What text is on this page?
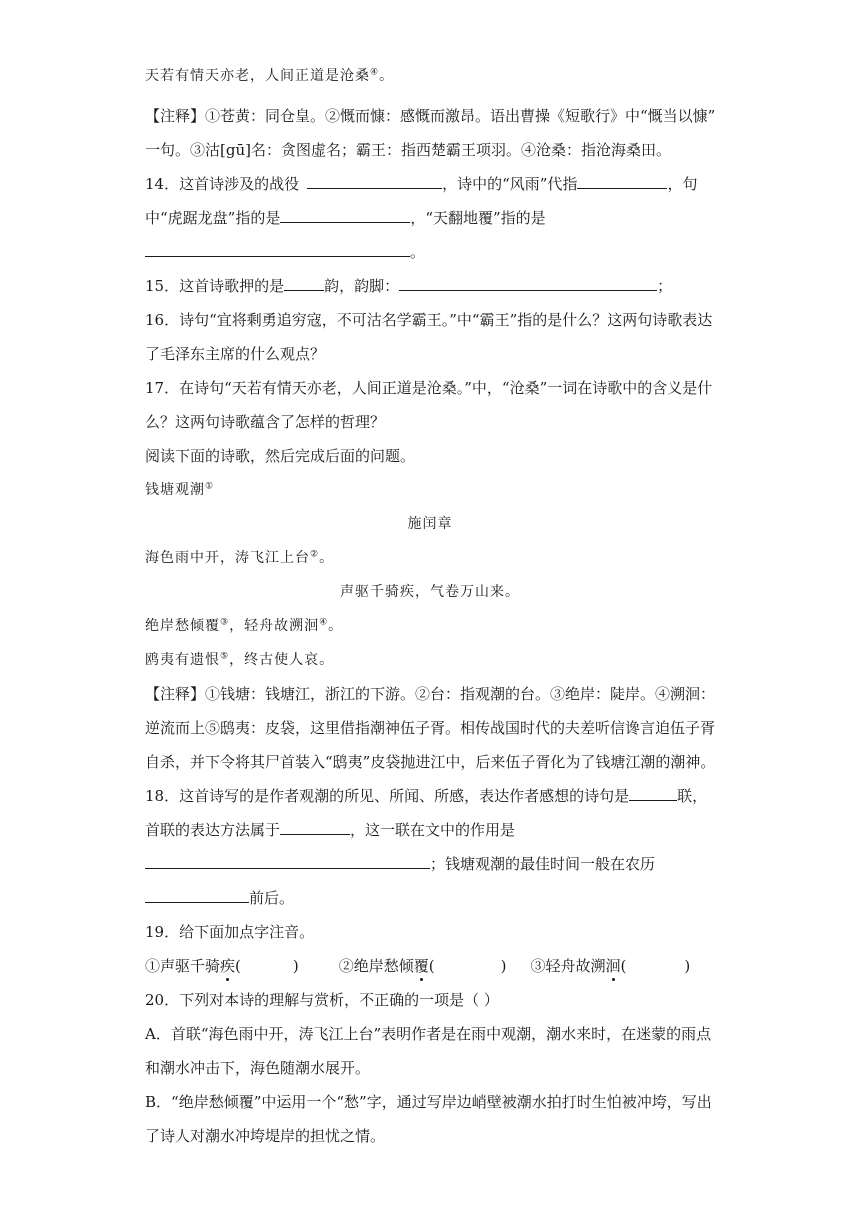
天若有情天亦老，人间正道是沧桑④。
【注释】①苍黄：同仓皇。②慨而慷：感慨而激昂。语出曹操《短歌行》中“慨当以慷”
一句。③沽[gū]名：贪图虚名；霸王：指西楚霸王项羽。④沧桑：指沧海桑田。
14．这首诗涉及的战役	，诗中的“风雨”代指	，句
中“虎踞龙盘”指的是	，“天翻地覆”指的是
。
15．这首诗歌押的是	韵，韵脚：	；
16．诗句“宜将剩勇追穷寇，不可沽名学霸王。”中“霸王”指的是什么？这两句诗歌表达
了毛泽东主席的什么观点？
17．在诗句“天若有情天亦老，人间正道是沧桑。”中，“沧桑”一词在诗歌中的含义是什
么？这两句诗歌蕴含了怎样的哲理？
阅读下面的诗歌，然后完成后面的问题。
钱塘观潮①
施闰章
海色雨中开，涛飞江上台②。
声驱千骑疾，气卷万山来。
绝岸愁倾覆③，轻舟故溯洄④。
鸥夷有遗恨⑤，终古使人哀。
【注释】①钱塘：钱塘江，浙江的下游。②台：指观潮的台。③绝岸：陡岸。④溯洄：
逆流而上⑤鸱夷：皮袋，这里借指潮神伍子胥。相传战国时代的夫差听信谗言迫伍子胥
自杀，并下令将其尸首装入“鸱夷”皮袋抛进江中，后来伍子胥化为了钱塘江潮的潮神。
18．这首诗写的是作者观潮的所见、所闻、所感，表达作者感想的诗句是	联，
首联的表达方法属于	，这一联在文中的作用是
；钱塘观潮的最佳时间一般在农历
前后。
19．给下面加点字注音。
①声驱千骑疾(	)	②绝岸愁倾覆(	) ③轻舟故溯洄(	)
20．下列对本诗的理解与赏析，不正确的一项是（ ）
A．首联“海色雨中开，涛飞江上台”表明作者是在雨中观潮，潮水来时，在迷蒙的雨点
和潮水冲击下，海色随潮水展开。
B．“绝岸愁倾覆”中运用一个“愁”字，通过写岸边峭壁被潮水拍打时生怕被冲垮，写出
了诗人对潮水冲垮堤岸的担忧之情。
